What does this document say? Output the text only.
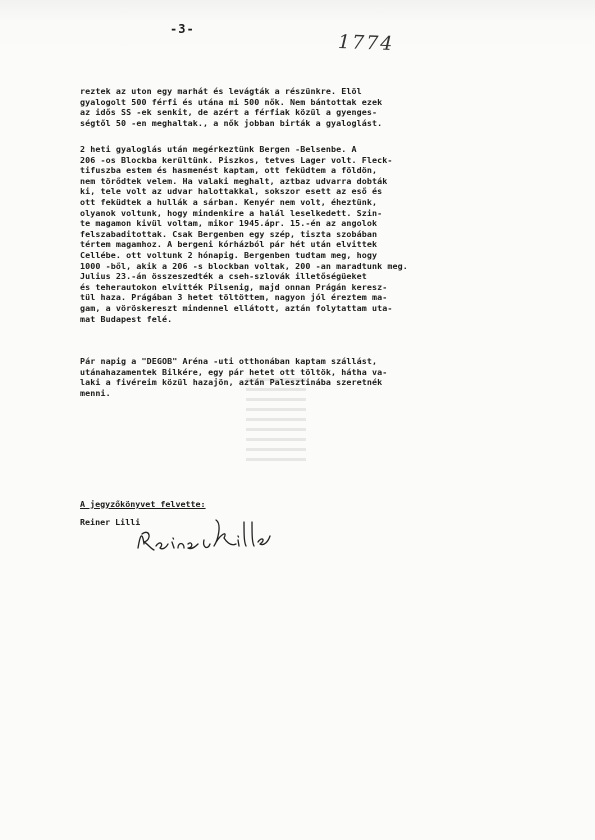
-3-
1774
reztek az uton egy marhát és levágták a részünkre. Elöl
gyalogolt 500 férfi és utána mi 500 nők. Nem bántottak ezek
az idős SS -ek senkit, de azért a férfiak közül a gyenges-
ségtől 50 -en meghaltak., a nők jobban birták a gyaloglást.
2 heti gyaloglás után megérkeztünk Bergen -Belsenbe. A
206 -os Blockba kerültünk. Piszkos, tetves Lager volt. Fleck-
tifuszba estem és hasmenést kaptam, ott feküdtem a földön,
nem törődtek velem. Ha valaki meghalt, aztbaz udvarra dobták
ki, tele volt az udvar halottakkal, sokszor esett az eső és
ott feküdtek a hullák a sárban. Kenyér nem volt, éheztünk,
olyanok voltunk, hogy mindenkire a halál leselkedett. Szin-
te magamon kivül voltam, mikor 1945.ápr. 15.-én az angolok
felszabaditottak. Csak Bergenben egy szép, tiszta szobában
tértem magamhoz. A bergeni kórházból pár hét után elvittek
Cellébe. ott voltunk 2 hónapig. Bergenben tudtam meg, hogy
1000 -ből, akik a 206 -s blockban voltak, 200 -an maradtunk meg.
Julius 23.-án összeszedték a cseh-szlovák illetőségüeket
és teherautokon elvitték Pilsenig, majd onnan Prágán keresz-
tül haza. Prágában 3 hetet töltöttem, nagyon jól éreztem ma-
gam, a vöröskereszt mindennel ellátott, aztán folytattam uta-
mat Budapest felé.
Pár napig a "DEGOB" Aréna -uti otthonában kaptam szállást,
utánahazamentek Bilkére, egy pár hetet ott töltök, hátha va-
laki a fivéreim közül hazajön, aztán Palesztinába szeretnék
menni.
A jegyzőkönyvet felvette:
Reiner Lilli
